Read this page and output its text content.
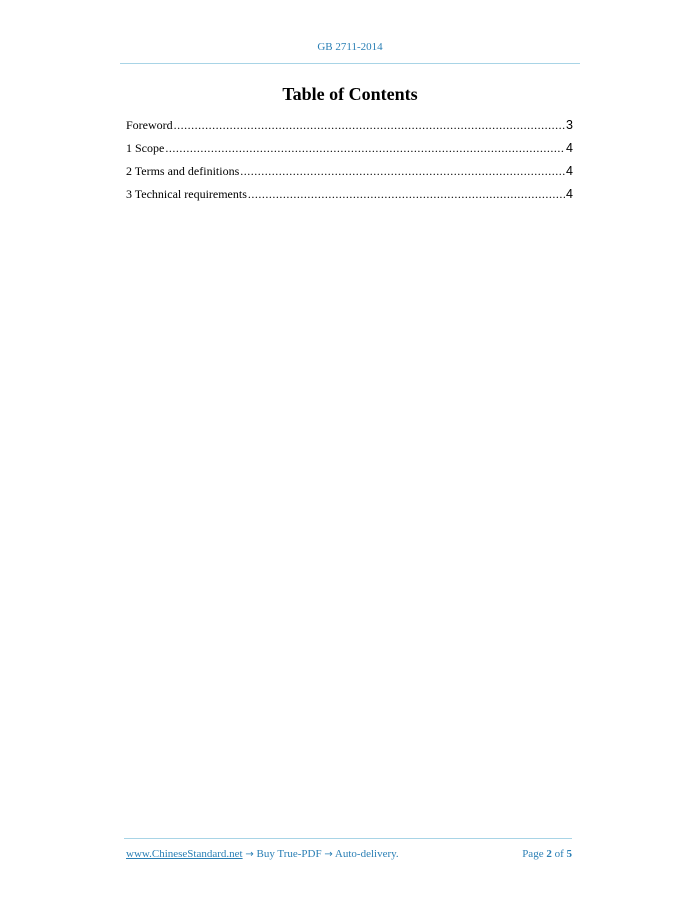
GB 2711-2014
Table of Contents
Foreword .....	3
1 Scope .....	4
2 Terms and definitions .....	4
3 Technical requirements .....	4
www.ChineseStandard.net → Buy True-PDF → Auto-delivery.	Page 2 of 5
